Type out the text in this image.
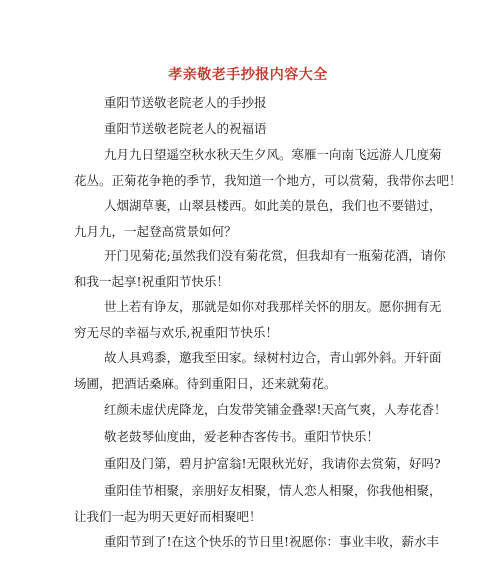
孝亲敬老手抄报内容大全
重阳节送敬老院老人的手抄报
重阳节送敬老院老人的祝福语
九月九日望遥空秋水秋天生夕风。寒雁一向南飞远游人几度菊
花丛。正菊花争艳的季节，我知道一个地方，可以赏菊，我带你去吧！
人烟湖草裹，山翠县楼西。如此美的景色，我们也不要错过，
九月九，一起登高赏景如何？
开门见菊花;虽然我们没有菊花赏，但我却有一瓶菊花酒，请你
和我一起享!祝重阳节快乐！
世上若有诤友，那就是如你对我那样关怀的朋友。愿你拥有无
穷无尽的幸福与欢乐,祝重阳节快乐！
故人具鸡黍，邀我至田家。绿树村边合，青山郭外斜。开轩面
场圃，把酒话桑麻。待到重阳日，还来就菊花。
红颜未虚伏虎降龙，白发带笑铺金叠翠!天高气爽，人寿花香！
敬老鼓琴仙度曲，爱老种杏客传书。重阳节快乐！
重阳及门第，碧月护富翁!无限秋光好，我请你去赏菊，好吗?
重阳佳节相聚，亲朋好友相聚，情人恋人相聚，你我他相聚，
让我们一起为明天更好而相聚吧！
重阳节到了!在这个快乐的节日里!祝愿你：事业丰收，薪水丰
